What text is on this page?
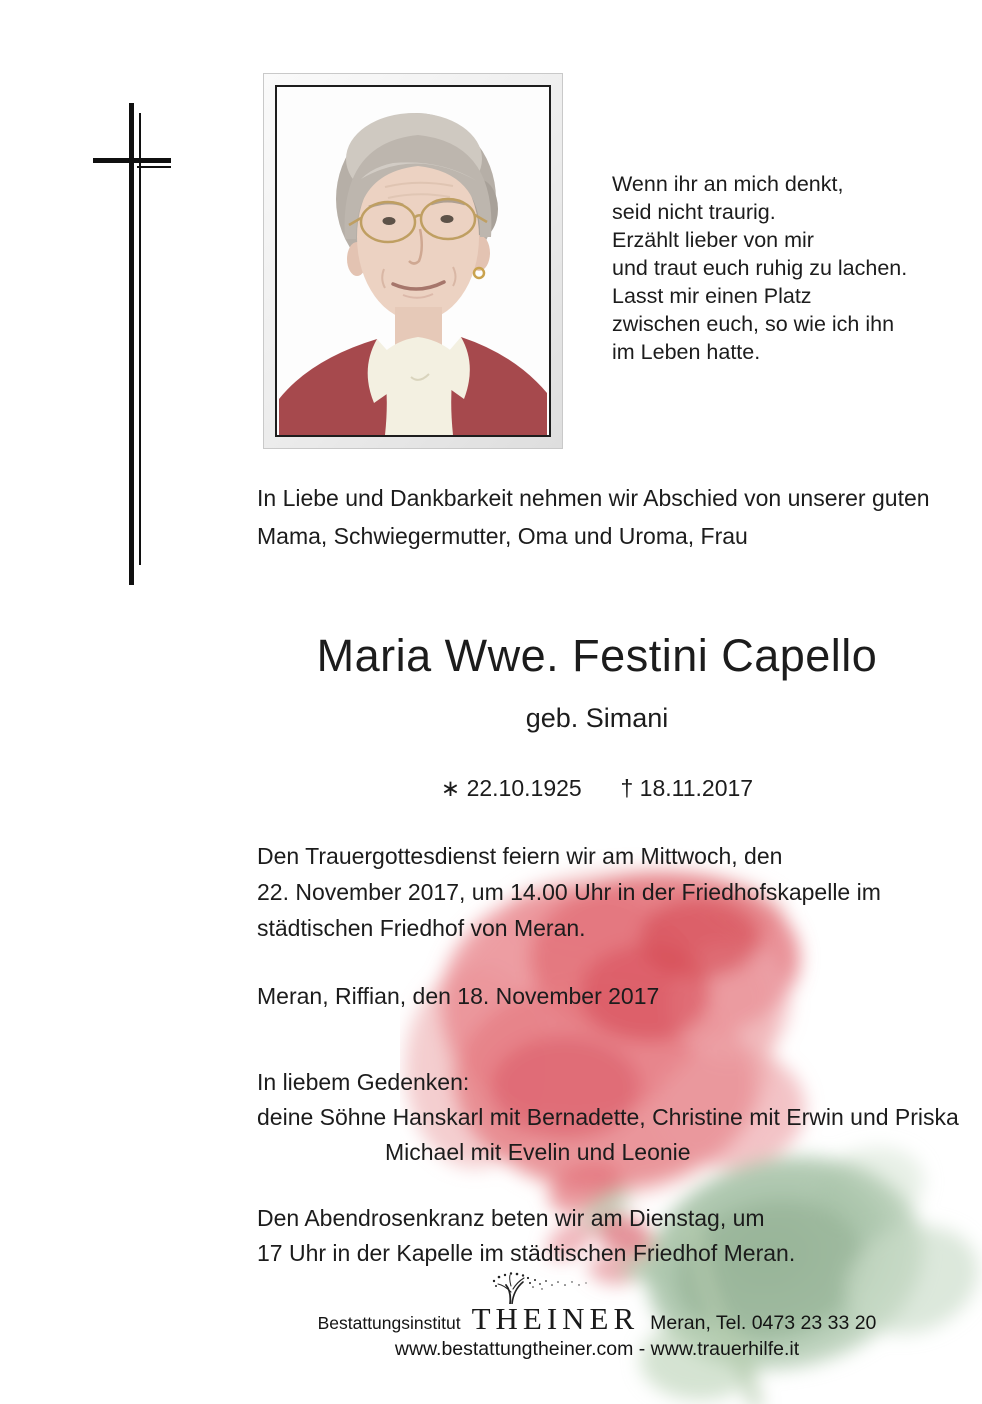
Wenn ihr an mich denkt,
seid nicht traurig.
Erzählt lieber von mir
und traut euch ruhig zu lachen.
Lasst mir einen Platz
zwischen euch, so wie ich ihn
im Leben hatte.
In Liebe und Dankbarkeit nehmen wir Abschied von unserer guten
Mama, Schwiegermutter, Oma und Uroma, Frau
Maria Wwe. Festini Capello
geb. Simani
∗ 22.10.1925 † 18.11.2017
Den Trauergottesdienst feiern wir am Mittwoch, den
22. November 2017, um 14.00 Uhr in der Friedhofskapelle im
städtischen Friedhof von Meran.
Meran, Riffian, den 18. November 2017
In liebem Gedenken:
deine Söhne Hanskarl mit Bernadette, Christine mit Erwin und Priska
Michael mit Evelin und Leonie
Den Abendrosenkranz beten wir am Dienstag, um
17 Uhr in der Kapelle im städtischen Friedhof Meran.
Bestattungsinstitut THEINER Meran, Tel. 0473 23 33 20
www.bestattungtheiner.com - www.trauerhilfe.it
